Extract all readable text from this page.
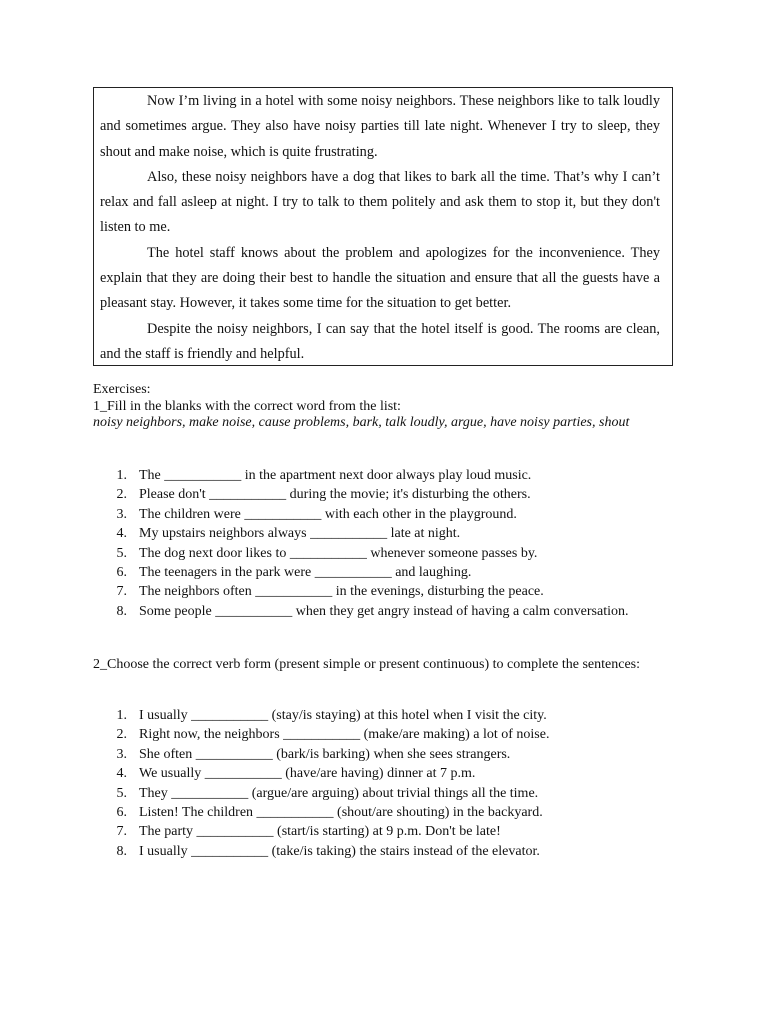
Now I’m living in a hotel with some noisy neighbors. These neighbors like to talk loudly and sometimes argue. They also have noisy parties till late night. Whenever I try to sleep, they shout and make noise, which is quite frustrating.

Also, these noisy neighbors have a dog that likes to bark all the time. That’s why I can’t relax and fall asleep at night. I try to talk to them politely and ask them to stop it, but they don't listen to me.

The hotel staff knows about the problem and apologizes for the inconvenience. They explain that they are doing their best to handle the situation and ensure that all the guests have a pleasant stay. However, it takes some time for the situation to get better.

Despite the noisy neighbors, I can say that the hotel itself is good. The rooms are clean, and the staff is friendly and helpful.

Exercises:
1_Fill in the blanks with the correct word from the list:
noisy neighbors, make noise, cause problems, bark, talk loudly, argue, have noisy parties, shout
1. The ___________ in the apartment next door always play loud music.
2. Please don't ___________ during the movie; it's disturbing the others.
3. The children were ___________ with each other in the playground.
4. My upstairs neighbors always ___________ late at night.
5. The dog next door likes to ___________ whenever someone passes by.
6. The teenagers in the park were ___________ and laughing.
7. The neighbors often ___________ in the evenings, disturbing the peace.
8. Some people ___________ when they get angry instead of having a calm conversation.
2_Choose the correct verb form (present simple or present continuous) to complete the sentences:
1. I usually ___________ (stay/is staying) at this hotel when I visit the city.
2. Right now, the neighbors ___________ (make/are making) a lot of noise.
3. She often ___________ (bark/is barking) when she sees strangers.
4. We usually ___________ (have/are having) dinner at 7 p.m.
5. They ___________ (argue/are arguing) about trivial things all the time.
6. Listen! The children ___________ (shout/are shouting) in the backyard.
7. The party ___________ (start/is starting) at 9 p.m. Don't be late!
8. I usually ___________ (take/is taking) the stairs instead of the elevator.
